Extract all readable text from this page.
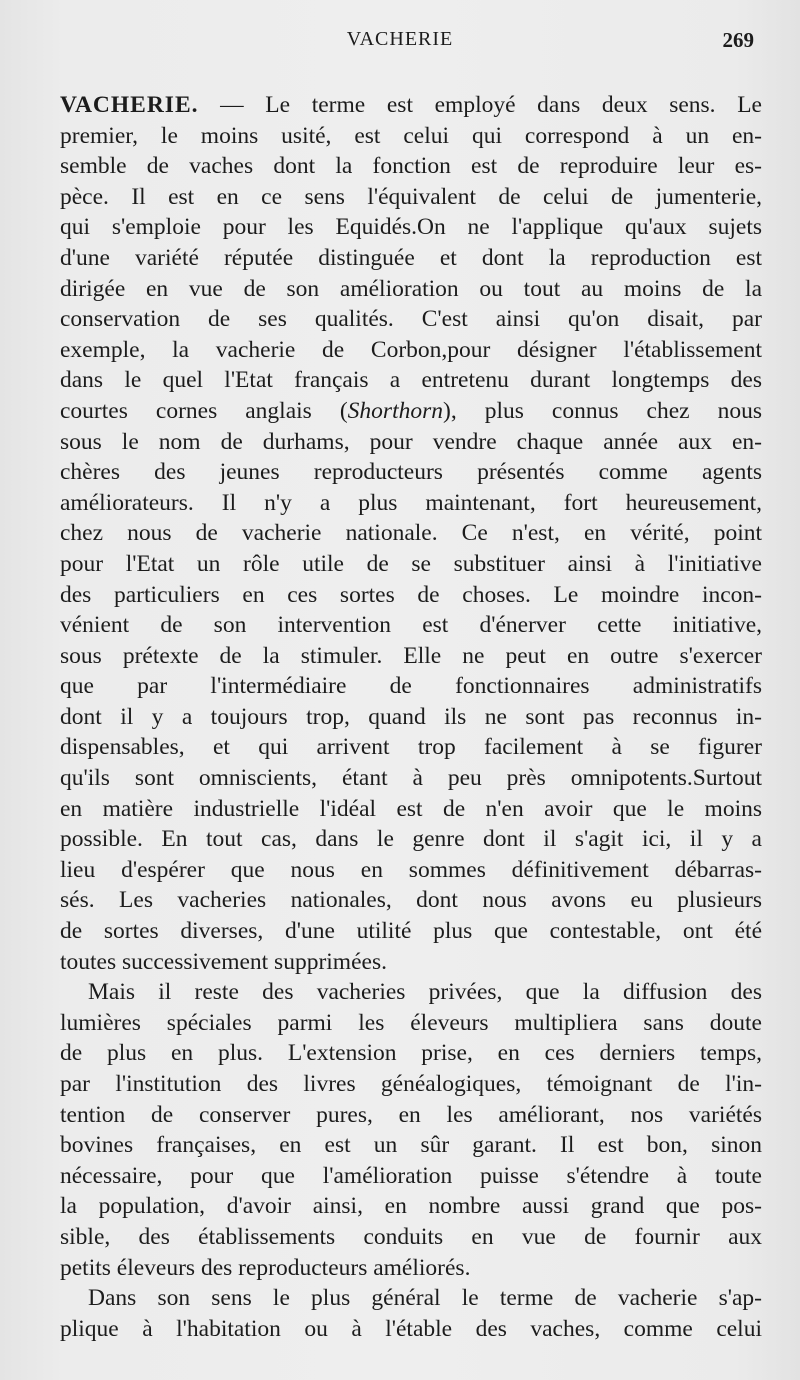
VACHERIE	269
VACHERIE. — Le terme est employé dans deux sens. Le
premier, le moins usité, est celui qui correspond à un en-
semble de vaches dont la fonction est de reproduire leur es-
pèce. Il est en ce sens l'équivalent de celui de jumenterie,
qui s'emploie pour les Equidés.On ne l'applique qu'aux sujets
d'une variété réputée distinguée et dont la reproduction est
dirigée en vue de son amélioration ou tout au moins de la
conservation de ses qualités. C'est ainsi qu'on disait, par
exemple, la vacherie de Corbon,pour désigner l'établissement
dans le quel l'Etat français a entretenu durant longtemps des
courtes cornes anglais (Shorthorn), plus connus chez nous
sous le nom de durhams, pour vendre chaque année aux en-
chères des jeunes reproducteurs présentés comme agents
améliorateurs. Il n'y a plus maintenant, fort heureusement,
chez nous de vacherie nationale. Ce n'est, en vérité, point
pour l'Etat un rôle utile de se substituer ainsi à l'initiative
des particuliers en ces sortes de choses. Le moindre incon-
vénient de son intervention est d'énerver cette initiative,
sous prétexte de la stimuler. Elle ne peut en outre s'exercer
que par l'intermédiaire de fonctionnaires administratifs
dont il y a toujours trop, quand ils ne sont pas reconnus in-
dispensables, et qui arrivent trop facilement à se figurer
qu'ils sont omniscients, étant à peu près omnipotents.Surtout
en matière industrielle l'idéal est de n'en avoir que le moins
possible. En tout cas, dans le genre dont il s'agit ici, il y a
lieu d'espérer que nous en sommes définitivement débarras-
sés. Les vacheries nationales, dont nous avons eu plusieurs
de sortes diverses, d'une utilité plus que contestable, ont été
toutes successivement supprimées.
Mais il reste des vacheries privées, que la diffusion des
lumières spéciales parmi les éleveurs multipliera sans doute
de plus en plus. L'extension prise, en ces derniers temps,
par l'institution des livres généalogiques, témoignant de l'in-
tention de conserver pures, en les améliorant, nos variétés
bovines françaises, en est un sûr garant. Il est bon, sinon
nécessaire, pour que l'amélioration puisse s'étendre à toute
la population, d'avoir ainsi, en nombre aussi grand que pos-
sible, des établissements conduits en vue de fournir aux
petits éleveurs des reproducteurs améliorés.
Dans son sens le plus général le terme de vacherie s'ap-
plique à l'habitation ou à l'étable des vaches, comme celui
